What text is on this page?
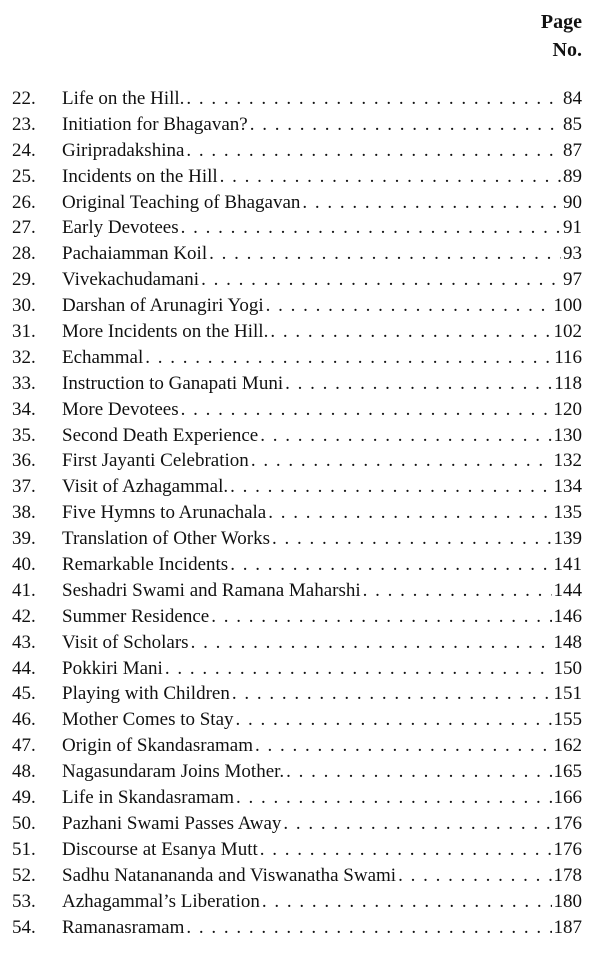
Page
No.
22.	Life on the Hill. . . .	84
23.	Initiation for Bhagavan? . . .	85
24.	Giripradakshina . . .	87
25.	Incidents on the Hill . . .	89
26.	Original Teaching of Bhagavan . . .	90
27.	Early Devotees . . .	91
28.	Pachaiamman Koil . . .	93
29.	Vivekachudamani . . .	97
30.	Darshan of Arunagiri Yogi . . .	100
31.	More Incidents on the Hill. . . .	102
32.	Echammal . . .	116
33.	Instruction to Ganapati Muni . . .	118
34.	More Devotees . . .	120
35.	Second Death Experience . . .	130
36.	First Jayanti Celebration . . .	132
37.	Visit of Azhagammal. . . .	134
38.	Five Hymns to Arunachala . . .	135
39.	Translation of Other Works . . .	139
40.	Remarkable Incidents . . .	141
41.	Seshadri Swami and Ramana Maharshi . . .	144
42.	Summer Residence . . .	146
43.	Visit of Scholars . . .	148
44.	Pokkiri Mani . . .	150
45.	Playing with Children . . .	151
46.	Mother Comes to Stay . . .	155
47.	Origin of Skandasramam . . .	162
48.	Nagasundaram Joins Mother. . . .	165
49.	Life in Skandasramam . . .	166
50.	Pazhani Swami Passes Away . . .	176
51.	Discourse at Esanya Mutt . . .	176
52.	Sadhu Natanananda and Viswanatha Swami . . .	178
53.	Azhagammal’s Liberation . . .	180
54.	Ramanasramam . . .	187
